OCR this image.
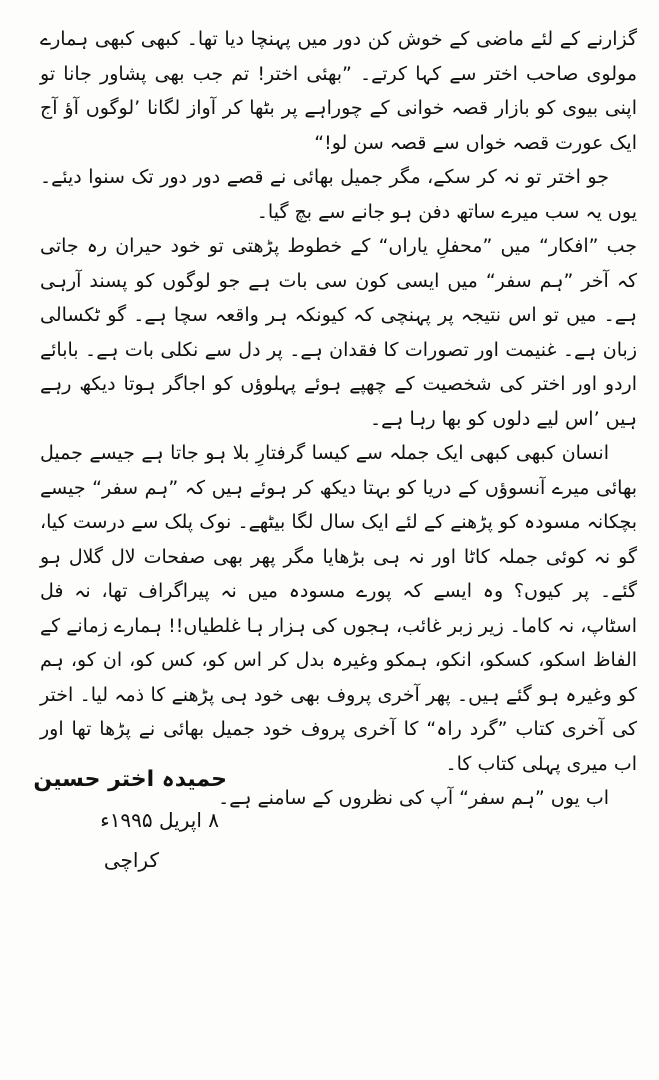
گزارنے کے لئے ماضی کے خوش کن دور میں پہنچا دیا تھا۔ کبھی کبھی ہمارے مولوی صاحب اختر سے کہا کرتے۔ ”بھئی اختر! تم جب بھی پشاور جانا تو اپنی بیوی کو بازار قصہ خوانی کے چوراہے پر بٹھا کر آواز لگانا ’لوگوں آؤ آج ایک عورت قصہ خواں سے قصہ سن لو!“

جو اختر تو نہ کر سکے، مگر جمیل بھائی نے قصے دور دور تک سنوا دیئے۔ یوں یہ سب میرے ساتھ دفن ہو جانے سے بچ گیا۔

جب ”افکار“ میں ”محفلِ یاراں“ کے خطوط پڑھتی تو خود حیران رہ جاتی کہ آخر ”ہم سفر“ میں ایسی کون سی بات ہے جو لوگوں کو پسند آرہی ہے۔ میں تو اس نتیجہ پر پہنچی کہ کیونکہ ہر واقعہ سچا ہے۔ گو ٹکسالی زبان ہے۔ غنیمت اور تصورات کا فقدان ہے۔ پر دل سے نکلی بات ہے۔ بابائے اردو اور اختر کی شخصیت کے چھپے ہوئے پہلوؤں کو اجاگر ہوتا دیکھ رہے ہیں ’اس لیے دلوں کو بھا رہا ہے۔

انسان کبھی کبھی ایک جملہ سے کیسا گرفتارِ بلا ہو جاتا ہے جیسے جمیل بھائی میرے آنسوؤں کے دریا کو بہتا دیکھ کر ہوئے ہیں کہ ”ہم سفر“ جیسے بچکانہ مسودہ کو پڑھنے کے لئے ایک سال لگا بیٹھے۔ نوک پلک سے درست کیا، گو نہ کوئی جملہ کاٹا اور نہ ہی بڑھایا مگر پھر بھی صفحات لال گلال ہو گئے۔ پر کیوں؟ وہ ایسے کہ پورے مسودہ میں نہ پیراگراف تھا، نہ فل اسٹاپ، نہ کاما۔ زیر زبر غائب، ہجوں کی ہزار ہا غلطیاں!! ہمارے زمانے کے الفاظ اسکو، کسکو، انکو، ہمکو وغیرہ بدل کر اس کو، کس کو، ان کو، ہم کو وغیرہ ہو گئے ہیں۔ پھر آخری پروف بھی خود ہی پڑھنے کا ذمہ لیا۔ اختر کی آخری کتاب ”گرد راہ“ کا آخری پروف خود جمیل بھائی نے پڑھا تھا اور اب میری پہلی کتاب کا۔

اب یوں ”ہم سفر“ آپ کی نظروں کے سامنے ہے۔

حمیدہ اختر حسین
۸ اپریل ۱۹۹۵ء
کراچی
